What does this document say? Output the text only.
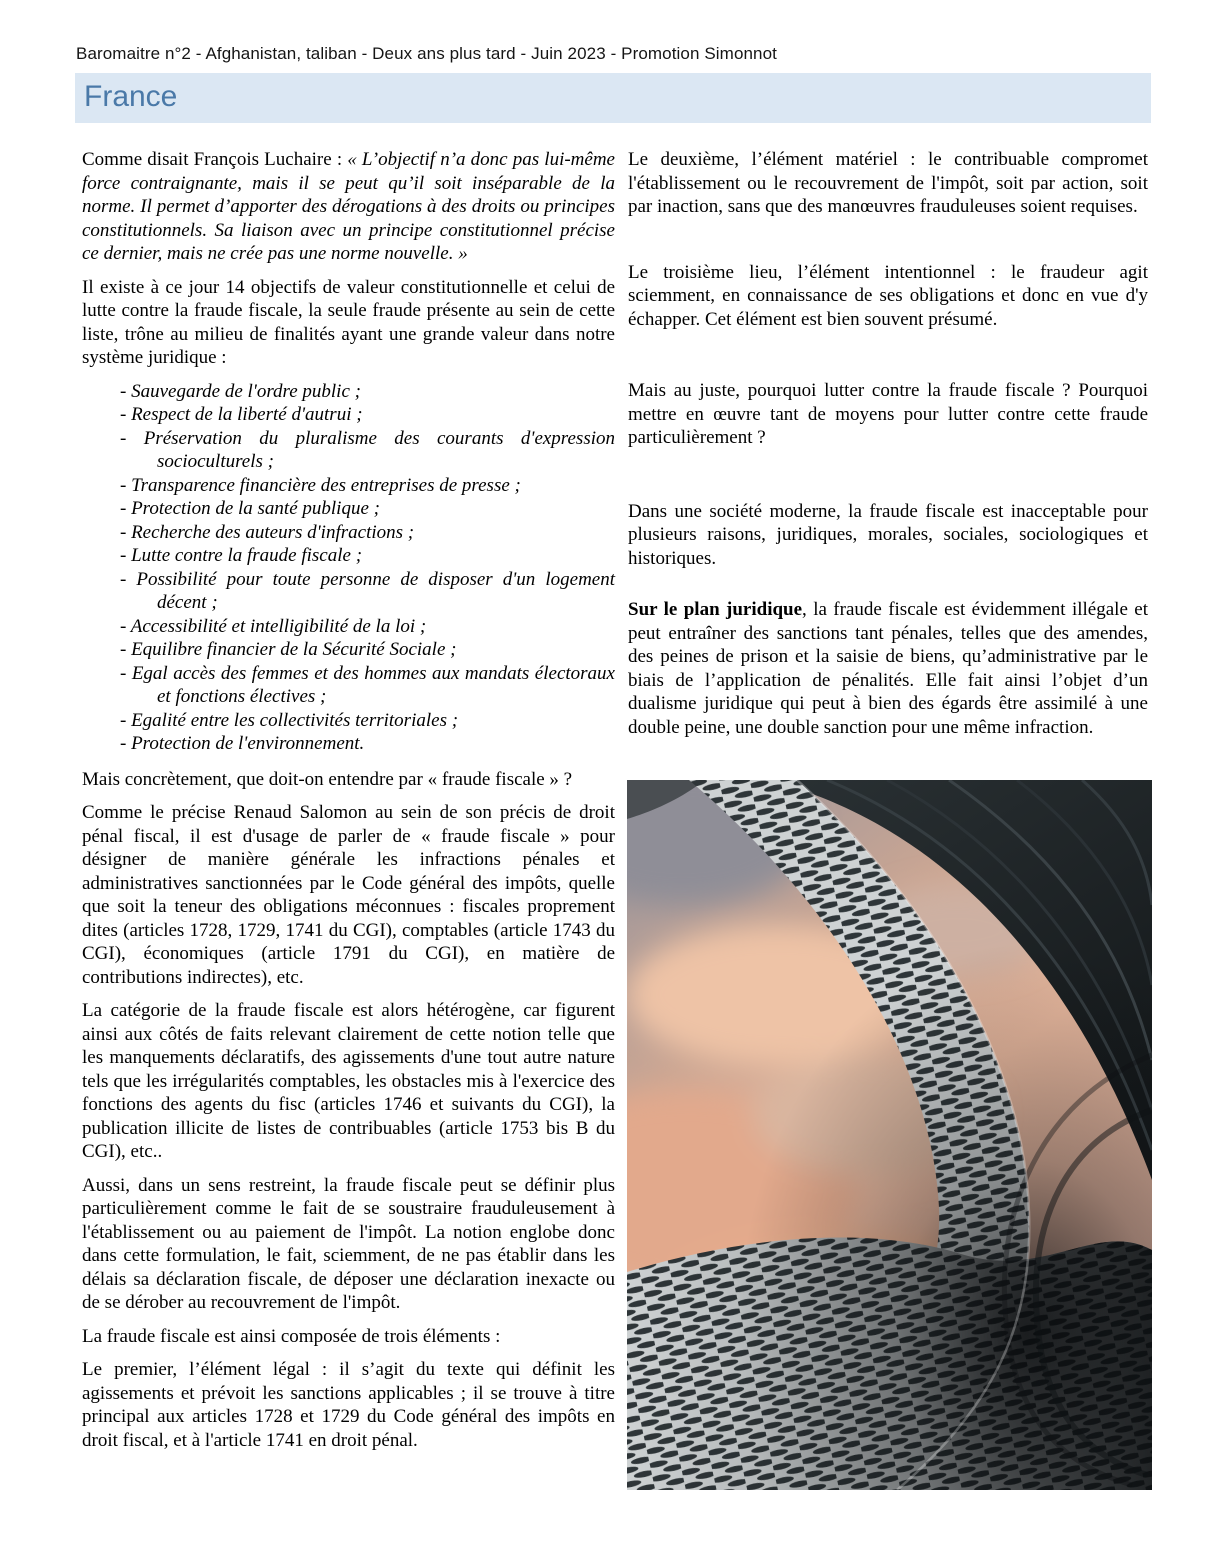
Baromaitre n°2 - Afghanistan, taliban - Deux ans plus tard - Juin 2023 - Promotion Simonnot
France

Comme disait François Luchaire : « L’objectif n’a donc pas lui-même force contraignante, mais il se peut qu’il soit inséparable de la norme. Il permet d’apporter des dérogations à des droits ou principes constitutionnels. Sa liaison avec un principe constitutionnel précise ce dernier, mais ne crée pas une norme nouvelle. »

Il existe à ce jour 14 objectifs de valeur constitutionnelle et celui de lutte contre la fraude fiscale, la seule fraude présente au sein de cette liste, trône au milieu de finalités ayant une grande valeur dans notre système juridique :

- Sauvegarde de l'ordre public ;
- Respect de la liberté d'autrui ;
- Préservation du pluralisme des courants d'expression socioculturels ;
- Transparence financière des entreprises de presse ;
- Protection de la santé publique ;
- Recherche des auteurs d'infractions ;
- Lutte contre la fraude fiscale ;
- Possibilité pour toute personne de disposer d'un logement décent ;
- Accessibilité et intelligibilité de la loi ;
- Equilibre financier de la Sécurité Sociale ;
- Egal accès des femmes et des hommes aux mandats électoraux et fonctions électives ;
- Egalité entre les collectivités territoriales ;
- Protection de l'environnement.

Mais concrètement, que doit-on entendre par « fraude fiscale » ?

Comme le précise Renaud Salomon au sein de son précis de droit pénal fiscal, il est d'usage de parler de « fraude fiscale » pour désigner de manière générale les infractions pénales et administratives sanctionnées par le Code général des impôts, quelle que soit la teneur des obligations méconnues : fiscales proprement dites (articles 1728, 1729, 1741 du CGI), comptables (article 1743 du CGI), économiques (article 1791 du CGI), en matière de contributions indirectes), etc.

La catégorie de la fraude fiscale est alors hétérogène, car figurent ainsi aux côtés de faits relevant clairement de cette notion telle que les manquements déclaratifs, des agissements d'une tout autre nature tels que les irrégularités comptables, les obstacles mis à l'exercice des fonctions des agents du fisc (articles 1746 et suivants du CGI), la publication illicite de listes de contribuables (article 1753 bis B du CGI), etc..

Aussi, dans un sens restreint, la fraude fiscale peut se définir plus particulièrement comme le fait de se soustraire frauduleusement à l'établissement ou au paiement de l'impôt. La notion englobe donc dans cette formulation, le fait, sciemment, de ne pas établir dans les délais sa déclaration fiscale, de déposer une déclaration inexacte ou de se dérober au recouvrement de l'impôt.

La fraude fiscale est ainsi composée de trois éléments :

Le premier, l’élément légal : il s’agit du texte qui définit les agissements et prévoit les sanctions applicables ; il se trouve à titre principal aux articles 1728 et 1729 du Code général des impôts en droit fiscal, et à l'article 1741 en droit pénal.

Le deuxième, l’élément matériel : le contribuable compromet l'établissement ou le recouvrement de l'impôt, soit par action, soit par inaction, sans que des manœuvres frauduleuses soient requises.

Le troisième lieu, l’élément intentionnel : le fraudeur agit sciemment, en connaissance de ses obligations et donc en vue d'y échapper. Cet élément est bien souvent présumé.

Mais au juste, pourquoi lutter contre la fraude fiscale ? Pourquoi mettre en œuvre tant de moyens pour lutter contre cette fraude particulièrement ?

Dans une société moderne, la fraude fiscale est inacceptable pour plusieurs raisons, juridiques, morales, sociales, sociologiques et historiques.

Sur le plan juridique, la fraude fiscale est évidemment illégale et peut entraîner des sanctions tant pénales, telles que des amendes, des peines de prison et la saisie de biens, qu’administrative par le biais de l’application de pénalités. Elle fait ainsi l’objet d’un dualisme juridique qui peut à bien des égards être assimilé à une double peine, une double sanction pour une même infraction.
